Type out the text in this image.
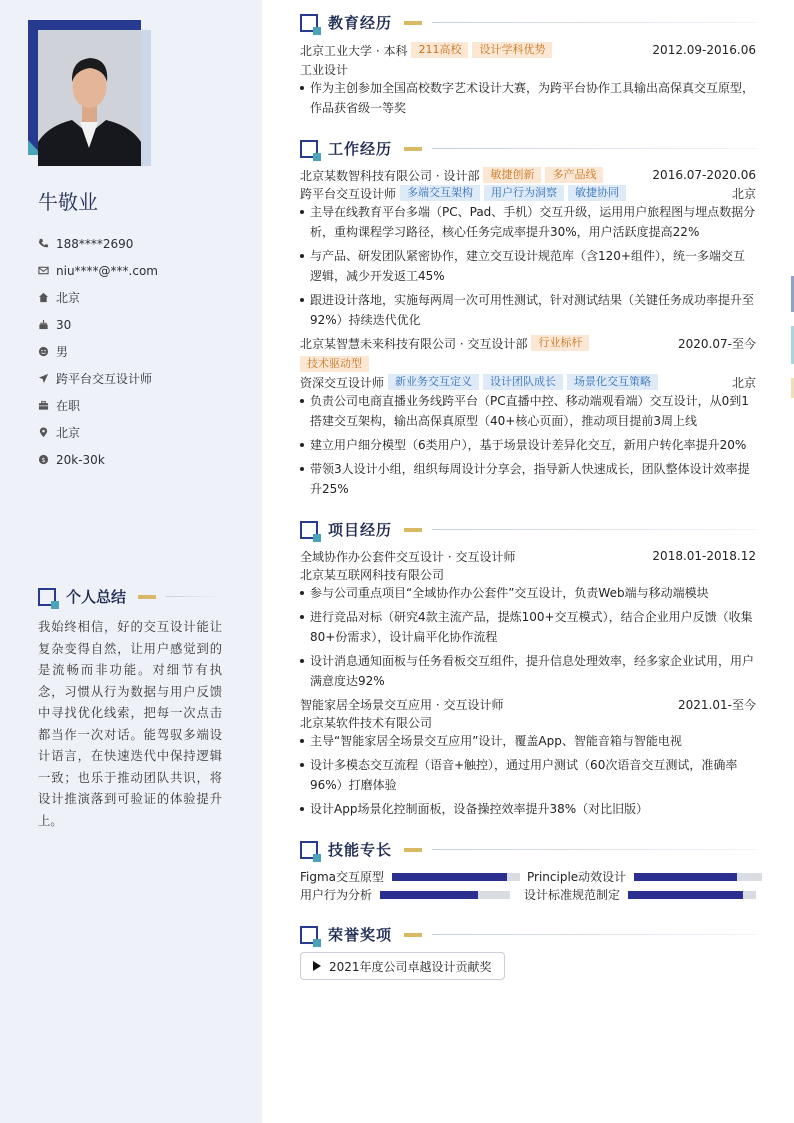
牛敬业
188****2690
niu****@***.com
北京
30
男
跨平台交互设计师
在职
北京
$ 20k-30k
个人总结
我始终相信，好的交互设计能让复杂变得自然，让用户感觉到的是流畅而非功能。对细节有执念，习惯从行为数据与用户反馈中寻找优化线索，把每一次点击都当作一次对话。能驾驭多端设计语言，在快速迭代中保持逻辑一致；也乐于推动团队共识，将设计推演落到可验证的体验提升上。
教育经历
北京工业大学 · 本科	211高校	设计学科优势	2012.09-2016.06
工业设计
作为主创参加全国高校数字艺术设计大赛，为跨平台协作工具输出高保真交互原型，作品获省级一等奖
工作经历
北京某数智科技有限公司 · 设计部	敏捷创新	多产品线	2016.07-2020.06
跨平台交互设计师	多端交互架构	用户行为洞察	敏捷协同	北京
主导在线教育平台多端（PC、Pad、手机）交互升级，运用用户旅程图与埋点数据分析，重构课程学习路径，核心任务完成率提升30%，用户活跃度提高22%
与产品、研发团队紧密协作，建立交互设计规范库（含120+组件），统一多端交互逻辑，减少开发返工45%
跟进设计落地，实施每两周一次可用性测试，针对测试结果（关键任务成功率提升至92%）持续迭代优化
北京某智慧未来科技有限公司 · 交互设计部	行业标杆	2020.07-至今
技术驱动型
资深交互设计师	新业务交互定义	设计团队成长	场景化交互策略	北京
负责公司电商直播业务线跨平台（PC直播中控、移动端观看端）交互设计，从0到1搭建交互架构，输出高保真原型（40+核心页面），推动项目提前3周上线
建立用户细分模型（6类用户），基于场景设计差异化交互，新用户转化率提升20%
带领3人设计小组，组织每周设计分享会，指导新人快速成长，团队整体设计效率提升25%
项目经历
全域协作办公套件交互设计 · 交互设计师	2018.01-2018.12
北京某互联网科技有限公司
参与公司重点项目“全域协作办公套件”交互设计，负责Web端与移动端模块
进行竞品对标（研究4款主流产品，提炼100+交互模式），结合企业用户反馈（收集80+份需求），设计扁平化协作流程
设计消息通知面板与任务看板交互组件，提升信息处理效率，经多家企业试用，用户满意度达92%
智能家居全场景交互应用 · 交互设计师	2021.01-至今
北京某软件技术有限公司
主导“智能家居全场景交互应用”设计，覆盖App、智能音箱与智能电视
设计多模态交互流程（语音+触控），通过用户测试（60次语音交互测试，准确率96%）打磨体验
设计App场景化控制面板，设备操控效率提升38%（对比旧版）
技能专长
Figma交互原型	Principle动效设计
用户行为分析	设计标准规范制定
荣誉奖项
2021年度公司卓越设计贡献奖
